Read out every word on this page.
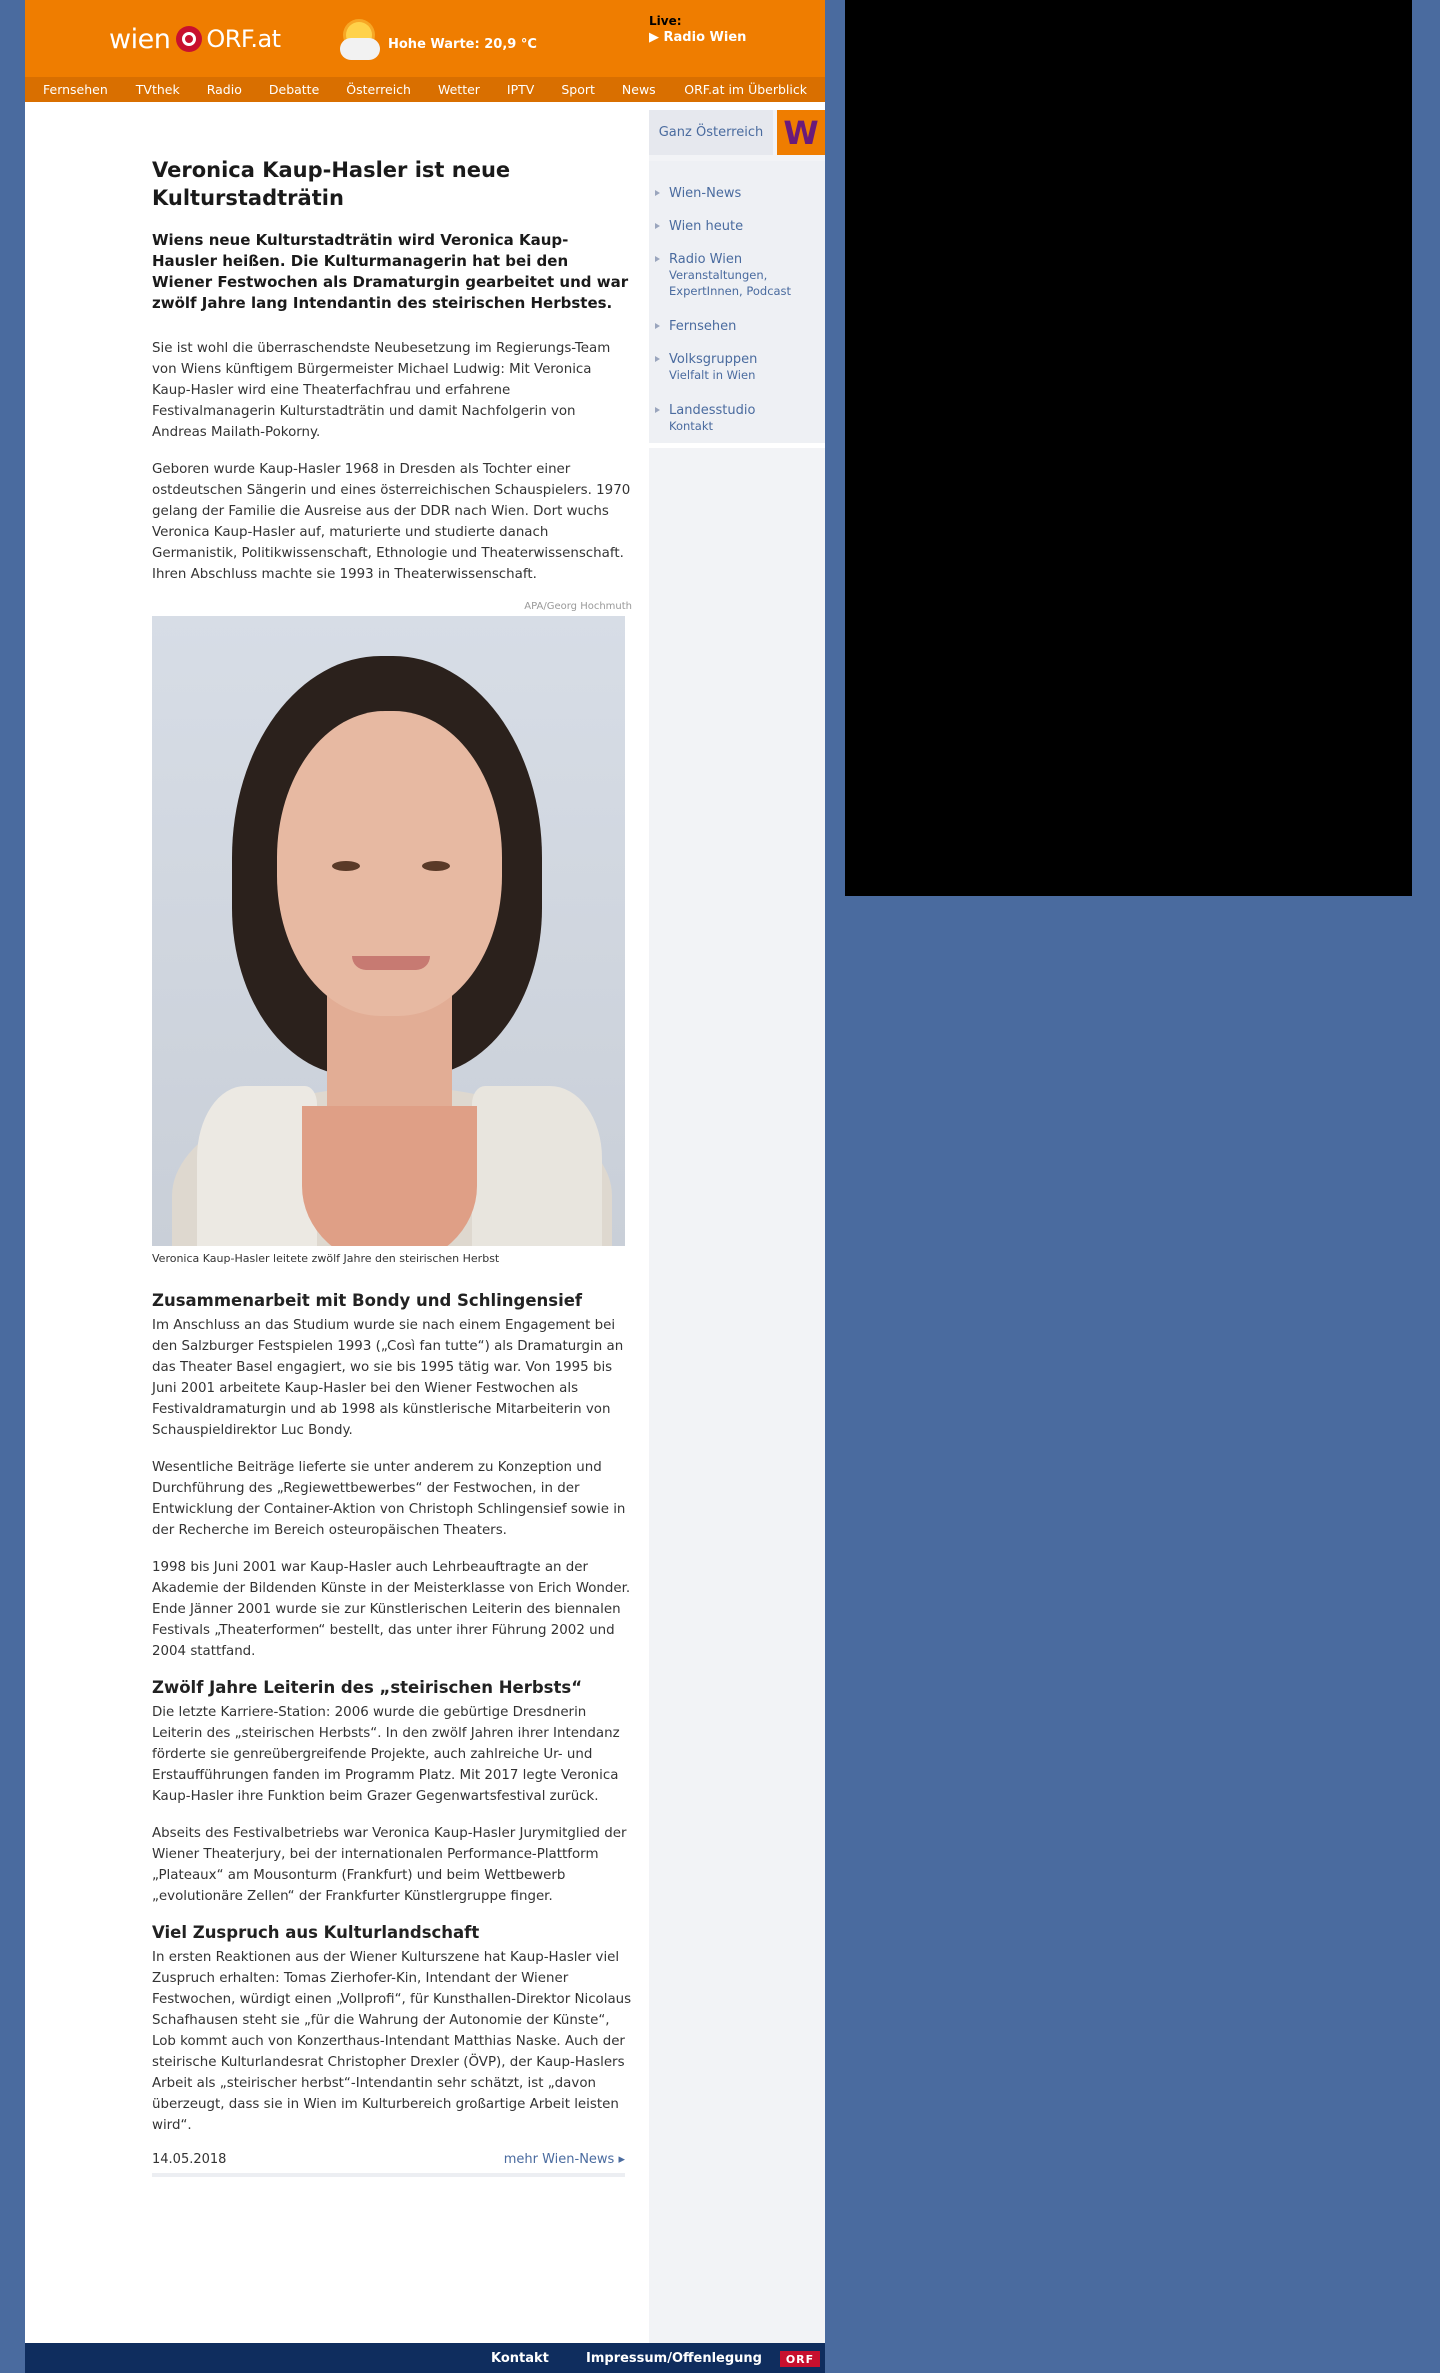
wien ORF.at	Hohe Warte: 20,9 °C
Live:
▶ Radio Wien
Fernsehen TVthek Radio Debatte Österreich Wetter IPTV Sport News ORF.at im Überblick
Veronica Kaup-Hasler ist neue Kulturstadträtin

Wiens neue Kulturstadträtin wird Veronica Kaup-Hausler heißen. Die Kulturmanagerin hat bei den Wiener Festwochen als Dramaturgin gearbeitet und war zwölf Jahre lang Intendantin des steirischen Herbstes.

Sie ist wohl die überraschendste Neubesetzung im Regierungs-Team von Wiens künftigem Bürgermeister Michael Ludwig: Mit Veronica Kaup-Hasler wird eine Theaterfachfrau und erfahrene Festivalmanagerin Kulturstadträtin und damit Nachfolgerin von Andreas Mailath-Pokorny.

Geboren wurde Kaup-Hasler 1968 in Dresden als Tochter einer ostdeutschen Sängerin und eines österreichischen Schauspielers. 1970 gelang der Familie die Ausreise aus der DDR nach Wien. Dort wuchs Veronica Kaup-Hasler auf, maturierte und studierte danach Germanistik, Politikwissenschaft, Ethnologie und Theaterwissenschaft. Ihren Abschluss machte sie 1993 in Theaterwissenschaft.

APA/Georg Hochmuth
Veronica Kaup-Hasler leitete zwölf Jahre den steirischen Herbst
Zusammenarbeit mit Bondy und Schlingensief

Im Anschluss an das Studium wurde sie nach einem Engagement bei den Salzburger Festspielen 1993 („Così fan tutte“) als Dramaturgin an das Theater Basel engagiert, wo sie bis 1995 tätig war. Von 1995 bis Juni 2001 arbeitete Kaup-Hasler bei den Wiener Festwochen als Festivaldramaturgin und ab 1998 als künstlerische Mitarbeiterin von Schauspieldirektor Luc Bondy.

Wesentliche Beiträge lieferte sie unter anderem zu Konzeption und Durchführung des „Regiewettbewerbes“ der Festwochen, in der Entwicklung der Container-Aktion von Christoph Schlingensief sowie in der Recherche im Bereich osteuropäischen Theaters.

1998 bis Juni 2001 war Kaup-Hasler auch Lehrbeauftragte an der Akademie der Bildenden Künste in der Meisterklasse von Erich Wonder. Ende Jänner 2001 wurde sie zur Künstlerischen Leiterin des biennalen Festivals „Theaterformen“ bestellt, das unter ihrer Führung 2002 und 2004 stattfand.

Zwölf Jahre Leiterin des „steirischen Herbsts“

Die letzte Karriere-Station: 2006 wurde die gebürtige Dresdnerin Leiterin des „steirischen Herbsts“. In den zwölf Jahren ihrer Intendanz förderte sie genreübergreifende Projekte, auch zahlreiche Ur- und Erstaufführungen fanden im Programm Platz. Mit 2017 legte Veronica Kaup-Hasler ihre Funktion beim Grazer Gegenwartsfestival zurück.

Abseits des Festivalbetriebs war Veronica Kaup-Hasler Jurymitglied der Wiener Theaterjury, bei der internationalen Performance-Plattform „Plateaux“ am Mousonturm (Frankfurt) und beim Wettbewerb „evolutionäre Zellen“ der Frankfurter Künstlergruppe finger.

Viel Zuspruch aus Kulturlandschaft

In ersten Reaktionen aus der Wiener Kulturszene hat Kaup-Hasler viel Zuspruch erhalten: Tomas Zierhofer-Kin, Intendant der Wiener Festwochen, würdigt einen „Vollprofi“, für Kunsthallen-Direktor Nicolaus Schafhausen steht sie „für die Wahrung der Autonomie der Künste“, Lob kommt auch von Konzerthaus-Intendant Matthias Naske. Auch der steirische Kulturlandesrat Christopher Drexler (ÖVP), der Kaup-Haslers Arbeit als „steirischer herbst“-Intendantin sehr schätzt, ist „davon überzeugt, dass sie in Wien im Kulturbereich großartige Arbeit leisten wird“.

14.05.2018	mehr Wien-News ▸
Ganz Österreich W
Wien-News
Wien heute
Radio Wien
Veranstaltungen, ExpertInnen, Podcast
Fernsehen
Volksgruppen
Vielfalt in Wien
Landesstudio
Kontakt
Kontakt	Impressum/Offenlegung	ORF
